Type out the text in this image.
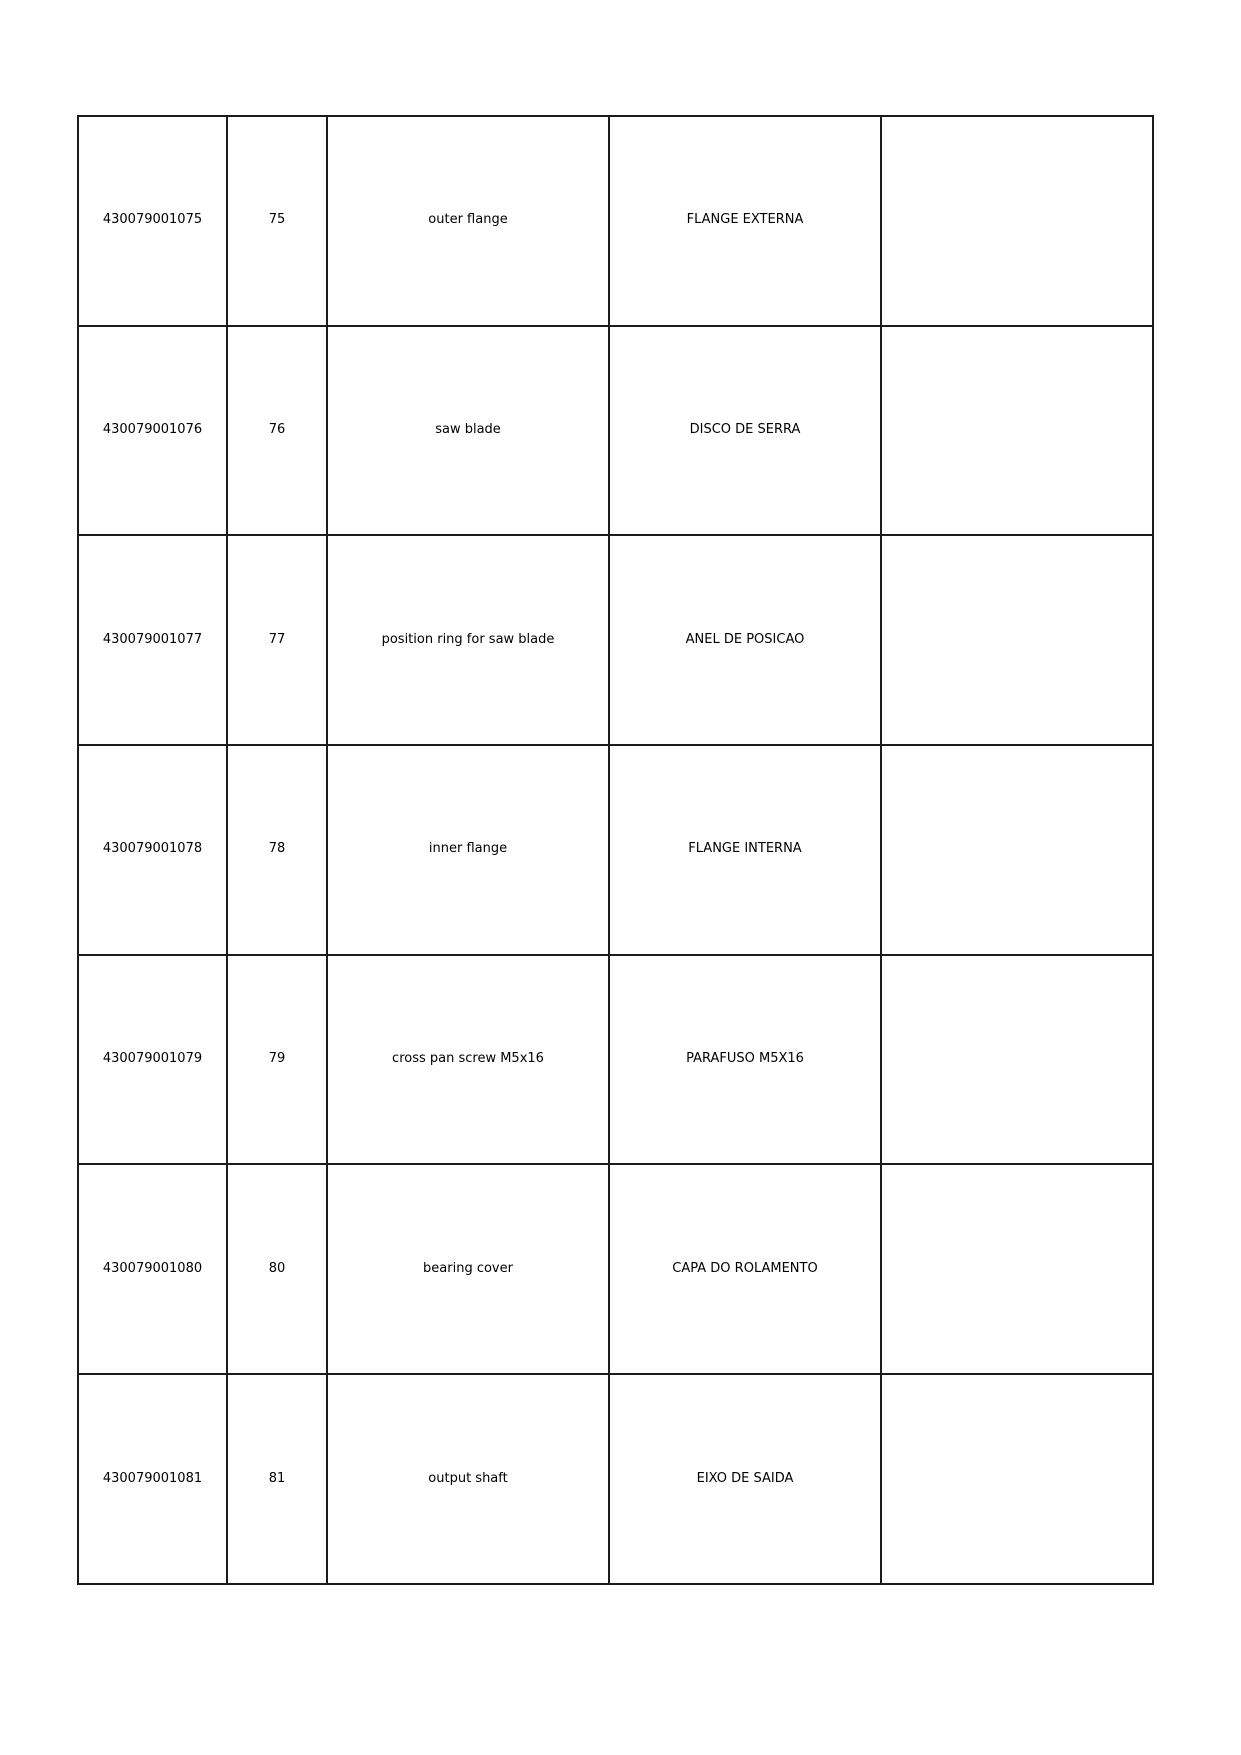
430079001075	75	outer flange	FLANGE EXTERNA	
430079001076	76	saw blade	DISCO DE SERRA	
430079001077	77	position ring for saw blade	ANEL DE POSICAO	
430079001078	78	inner flange	FLANGE INTERNA	
430079001079	79	cross pan screw M5x16	PARAFUSO M5X16	
430079001080	80	bearing cover	CAPA DO ROLAMENTO	
430079001081	81	output shaft	EIXO DE SAIDA	
